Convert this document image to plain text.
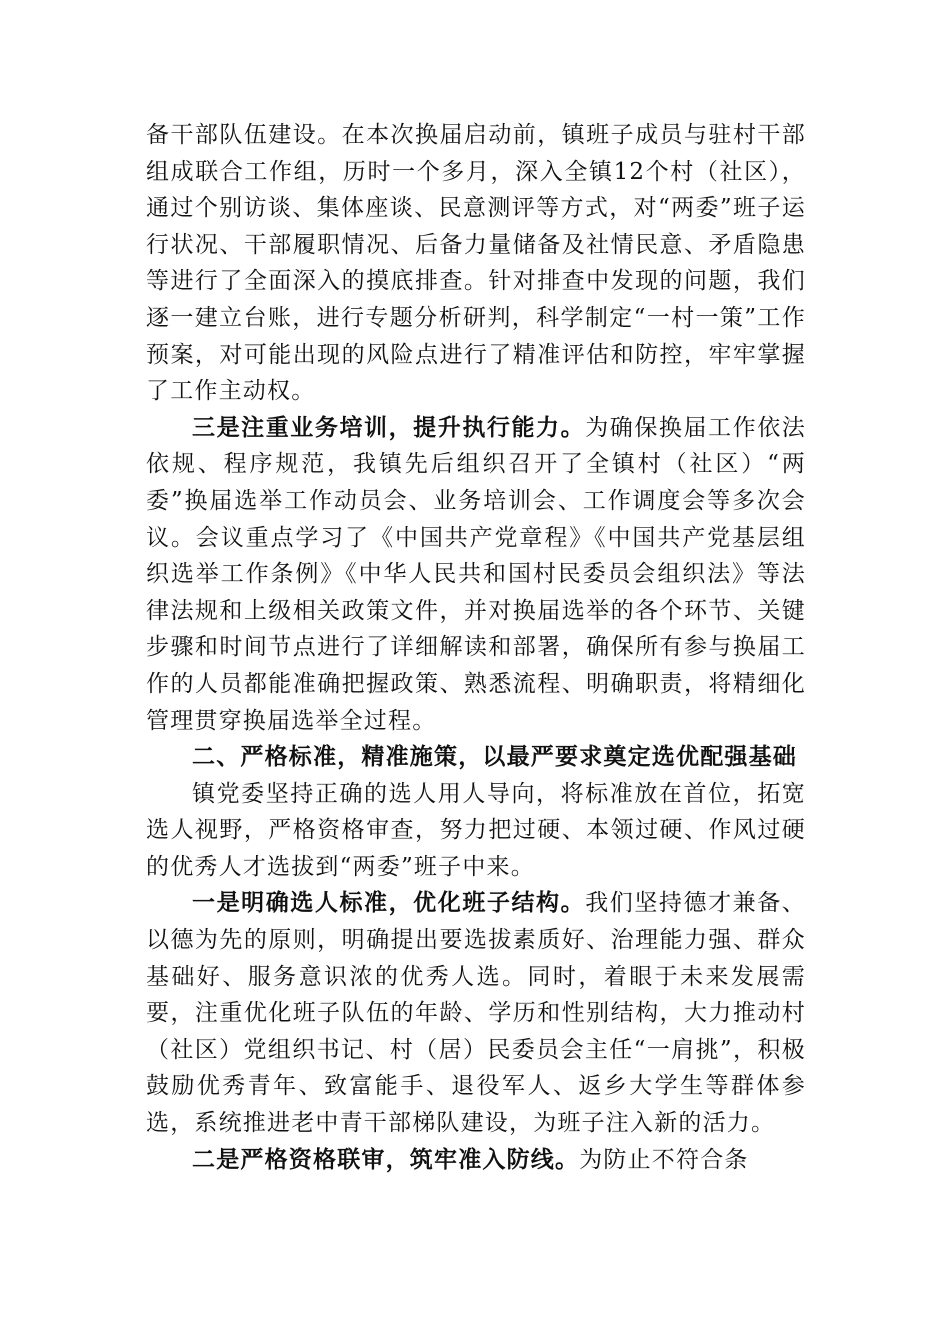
备干部队伍建设。在本次换届启动前，镇班子成员与驻村干部组成联合工作组，历时一个多月，深入全镇12个村（社区），通过个别访谈、集体座谈、民意测评等方式，对“两委”班子运行状况、干部履职情况、后备力量储备及社情民意、矛盾隐患等进行了全面深入的摸底排查。针对排查中发现的问题，我们逐一建立台账，进行专题分析研判，科学制定“一村一策”工作预案，对可能出现的风险点进行了精准评估和防控，牢牢掌握了工作主动权。

三是注重业务培训，提升执行能力。为确保换届工作依法依规、程序规范，我镇先后组织召开了全镇村（社区）“两委”换届选举工作动员会、业务培训会、工作调度会等多次会议。会议重点学习了《中国共产党章程》《中国共产党基层组织选举工作条例》《中华人民共和国村民委员会组织法》等法律法规和上级相关政策文件，并对换届选举的各个环节、关键步骤和时间节点进行了详细解读和部署，确保所有参与换届工作的人员都能准确把握政策、熟悉流程、明确职责，将精细化管理贯穿换届选举全过程。

二、严格标准，精准施策，以最严要求奠定选优配强基础

镇党委坚持正确的选人用人导向，将标准放在首位，拓宽选人视野，严格资格审查，努力把过硬、本领过硬、作风过硬的优秀人才选拔到“两委”班子中来。

一是明确选人标准，优化班子结构。我们坚持德才兼备、以德为先的原则，明确提出要选拔素质好、治理能力强、群众基础好、服务意识浓的优秀人选。同时，着眼于未来发展需要，注重优化班子队伍的年龄、学历和性别结构，大力推动村（社区）党组织书记、村（居）民委员会主任“一肩挑”，积极鼓励优秀青年、致富能手、退役军人、返乡大学生等群体参选，系统推进老中青干部梯队建设，为班子注入新的活力。

二是严格资格联审，筑牢准入防线。为防止不符合条
